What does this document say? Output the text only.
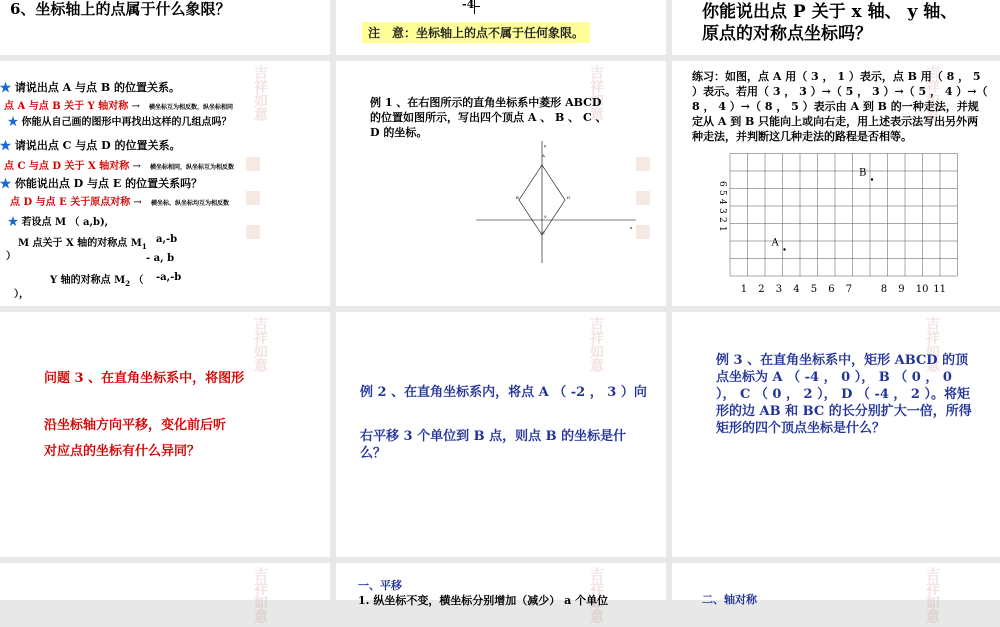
6、坐标轴上的点属于什么象限？	-4
注　意：坐标轴上的点不属于任何象限。
你能说出点 P 关于 x 轴、 y 轴、
原点的对称点坐标吗？
吉祥如意
★ 请说出点 A 与点 B 的位置关系。
点 A 与点 B 关于 Y 轴对称 → 横坐标互为相反数，纵坐标相同
★ 你能从自己画的图形中再找出这样的几组点吗？
★ 请说出点 C 与点 D 的位置关系。
点 C 与点 D 关于 X 轴对称 → 横坐标相同，纵坐标互为相反数
★ 你能说出点 D 与点 E 的位置关系吗？
点 D 与点 E 关于原点对称 → 横坐标、纵坐标均互为相反数
★ 若设点 M （ a,b),
M 点关于 X 轴的对称点 $M_1$
a,-b
）	- a, b
Y 轴的对称点 $M_2$ （ -a,-b
），
吉祥如意
例 1 、在右图所示的直角坐标系中菱形 ABCD 的位置如图所示，写出四个顶点 A 、 B 、 C 、 D 的坐标。
y
x
A
B
C
D
0
吉祥如意
练习：如图，点 A 用（ 3 ， 1 ）表示，点 B 用（ 8 ， 5 ）表示。若用（ 3 ， 3 ）→（ 5 ， 3 ）→（ 5 ， 4 ）→（ 8 ， 4 ）→（ 8 ， 5 ）表示由 A 到 B 的一种走法，并规定从 A 到 B 只能向上或向右走，用上述表示法写出另外两种走法，并判断这几种走法的路程是否相等。
1 2 3 4 5 6 7	8 9 10 11
1
2
3
4
5
6
A
B
吉祥如意
问题 3 、在直角坐标系中，将图形
沿坐标轴方向平移，变化前后听
对应点的坐标有什么异同？
吉祥如意
例 2 、在直角坐标系内，将点 A （ -2 ， 3 ）向
右平移 3 个单位到 B 点，则点 B 的坐标是什么？
吉祥如意
例 3 、在直角坐标系中，矩形 ABCD 的顶点坐标为 A （ -4 ， 0 ）， B （ 0 ， 0 ）， C （ 0 ， 2 ）， D （ -4 ， 2 ）。将矩形的边 AB 和 BC 的长分别扩大一倍，所得矩形的四个顶点坐标是什么？
吉祥如意	吉祥如意
一、平移
1. 纵坐标不变，横坐标分别增加（减少） a 个单位	吉祥如意
二、轴对称
